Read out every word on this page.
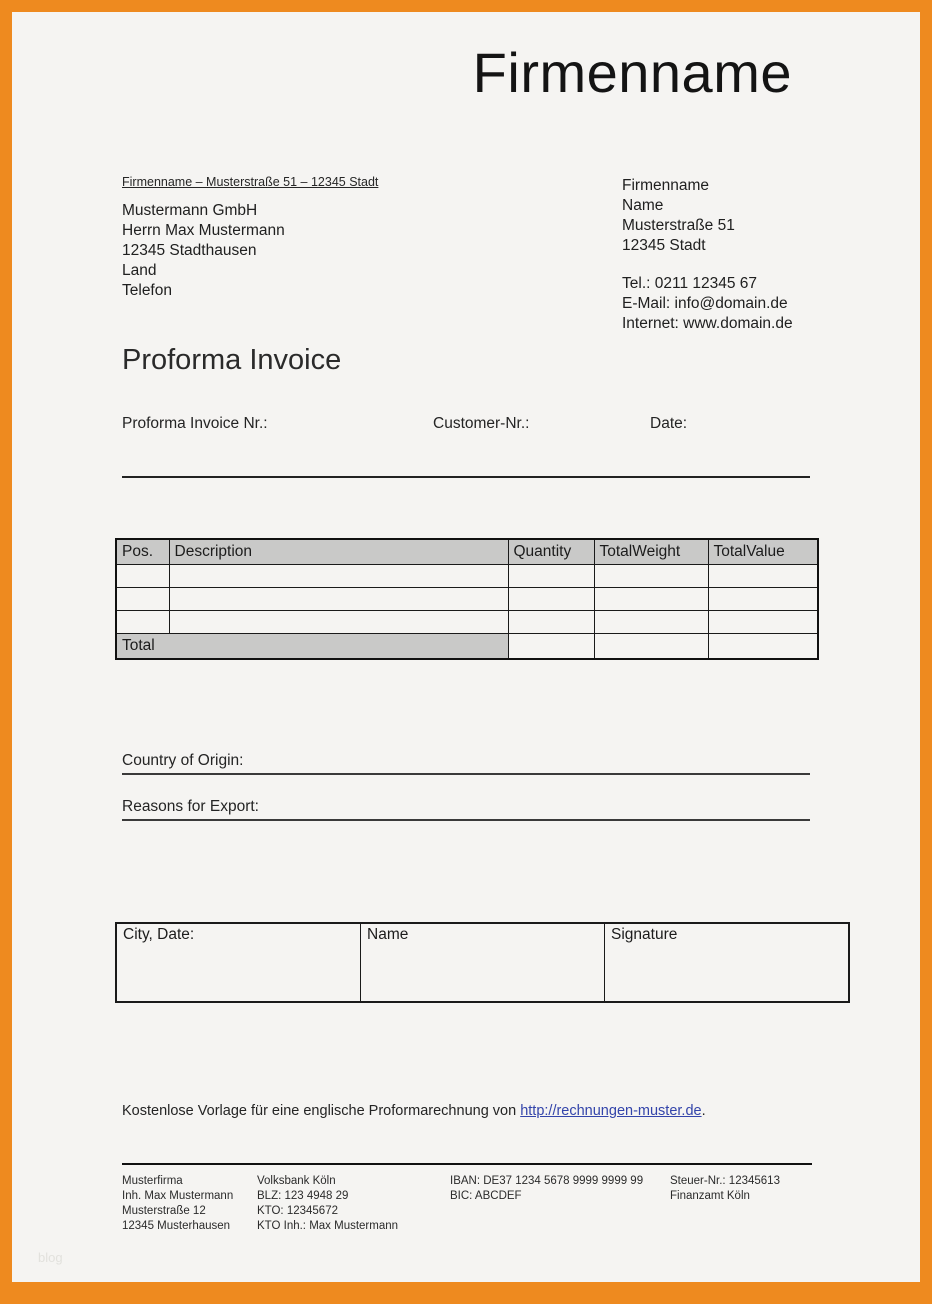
Firmenname
Firmenname – Musterstraße 51 – 12345 Stadt
Mustermann GmbH
Herrn Max Mustermann
12345 Stadthausen
Land
Telefon
Firmenname
Name
Musterstraße 51
12345 Stadt
Tel.: 0211 12345 67
E-Mail: info@domain.de
Internet: www.domain.de
Proforma Invoice
Proforma Invoice Nr.:	Customer-Nr.:	Date:
Pos.	Description	Quantity	TotalWeight	TotalValue

Total				
Country of Origin:
Reasons for Export:
City, Date:	Name	Signature
Kostenlose Vorlage für eine englische Proformarechnung von http://rechnungen-muster.de.
Musterfirma
Inh. Max Mustermann
Musterstraße 12
12345 Musterhausen
Volksbank Köln
BLZ: 123 4948 29
KTO: 12345672
KTO Inh.: Max Mustermann
IBAN: DE37 1234 5678 9999 9999 99
BIC: ABCDEF
Steuer-Nr.: 12345613
Finanzamt Köln
blog
